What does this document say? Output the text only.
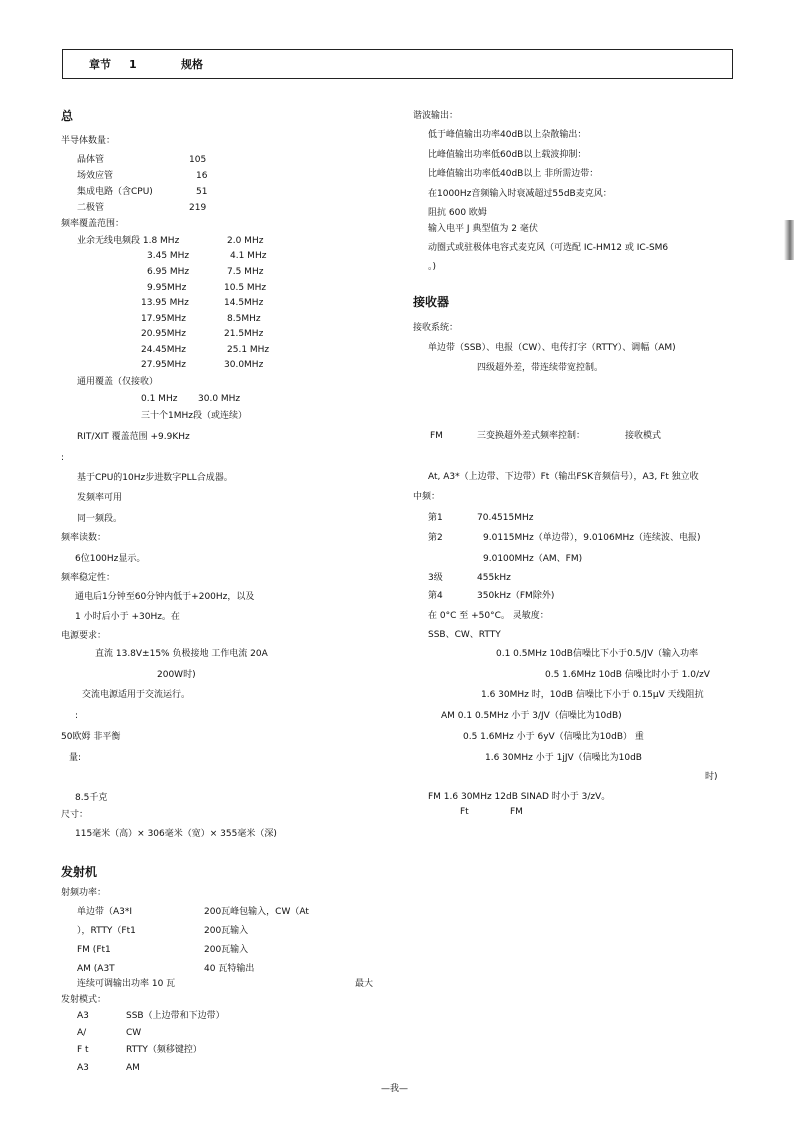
章节 1	规格
总
半导体数量：
晶体管	105
场效应管	16
集成电路（含CPU)	51
二极管	219
频率覆盖范围：
业余无线电频段 1.8 MHz	2.0 MHz
3.45 MHz	4.1 MHz
6.95 MHz	7.5 MHz
9.95MHz	10.5 MHz
13.95 MHz	14.5MHz
17.95MHz	8.5MHz
20.95MHz	21.5MHz
24.45MHz	25.1 MHz
27.95MHz	30.0MHz
通用覆盖（仅接收）
0.1 MHz 30.0 MHz
三十个1MHz段（或连续）
RIT/XIT 覆盖范围 +9.9KHz
:
基于CPU的10Hz步进数字PLL合成器。
发频率可用
同一频段。
频率读数：
6位100Hz显示。
频率稳定性：
通电后1分钟至60分钟内低于+200Hz，以及
1 小时后小于 +30Hz。在
电源要求：
直流 13.8V±15% 负极接地 工作电流 20A
200W时)
交流电源适用于交流运行。
:
50欧姆 非平衡
量:
8.5千克
尺寸：
115毫米（高）× 306毫米（宽）× 355毫米（深)
发射机
射频功率：
单边带（A3*I	200瓦峰包输入，CW（At
），RTTY（Ft1	200瓦输入
FM (Ft1	200瓦输入
AM (A3T	40 瓦特输出
连续可调输出功率 10 瓦	最大
发射模式：
A3	SSB（上边带和下边带）
A/	CW
F t	RTTY（频移键控）
A3	AM
谐波输出：
低于峰值输出功率40dB以上杂散输出：
比峰值输出功率低60dB以上载波抑制：
比峰值输出功率低40dB以上 非所需边带：
在1000Hz音频输入时衰减超过55dB麦克风：
阻抗 600 欧姆
输入电平 J 典型值为 2 毫伏
动圈式或驻极体电容式麦克风（可选配 IC-HM12 或 IC-SM6
。)
接收器
接收系统：
单边带（SSB）、电报（CW）、电传打字（RTTY）、调幅（AM)
四级超外差，带连续带宽控制。
FM	三变换超外差式频率控制：	接收模式
At, A3*（上边带、下边带）Ft（输出FSK音频信号），A3, Ft 独立收
中频：
第1	70.4515MHz
第2	9.0115MHz（单边带），9.0106MHz（连续波、电报)
9.0100MHz（AM、FM)
3级	455kHz
第4	350kHz（FM除外)
在 0°C 至 +50°C。 灵敏度：
SSB、CW、RTTY
0.1 0.5MHz 10dB信噪比下小于0.5/JV（输入功率
0.5 1.6MHz 10dB 信噪比时小于 1.0/zV
1.6 30MHz 时，10dB 信噪比下小于 0.15μV 天线阻抗
AM 0.1 0.5MHz 小于 3/JV（信噪比为10dB)
0.5 1.6MHz 小于 6yV（信噪比为10dB） 重
1.6 30MHz 小于 1jJV（信噪比为10dB
时)
FM 1.6 30MHz 12dB SINAD 时小于 3/zV。
Ft	FM
—我—
